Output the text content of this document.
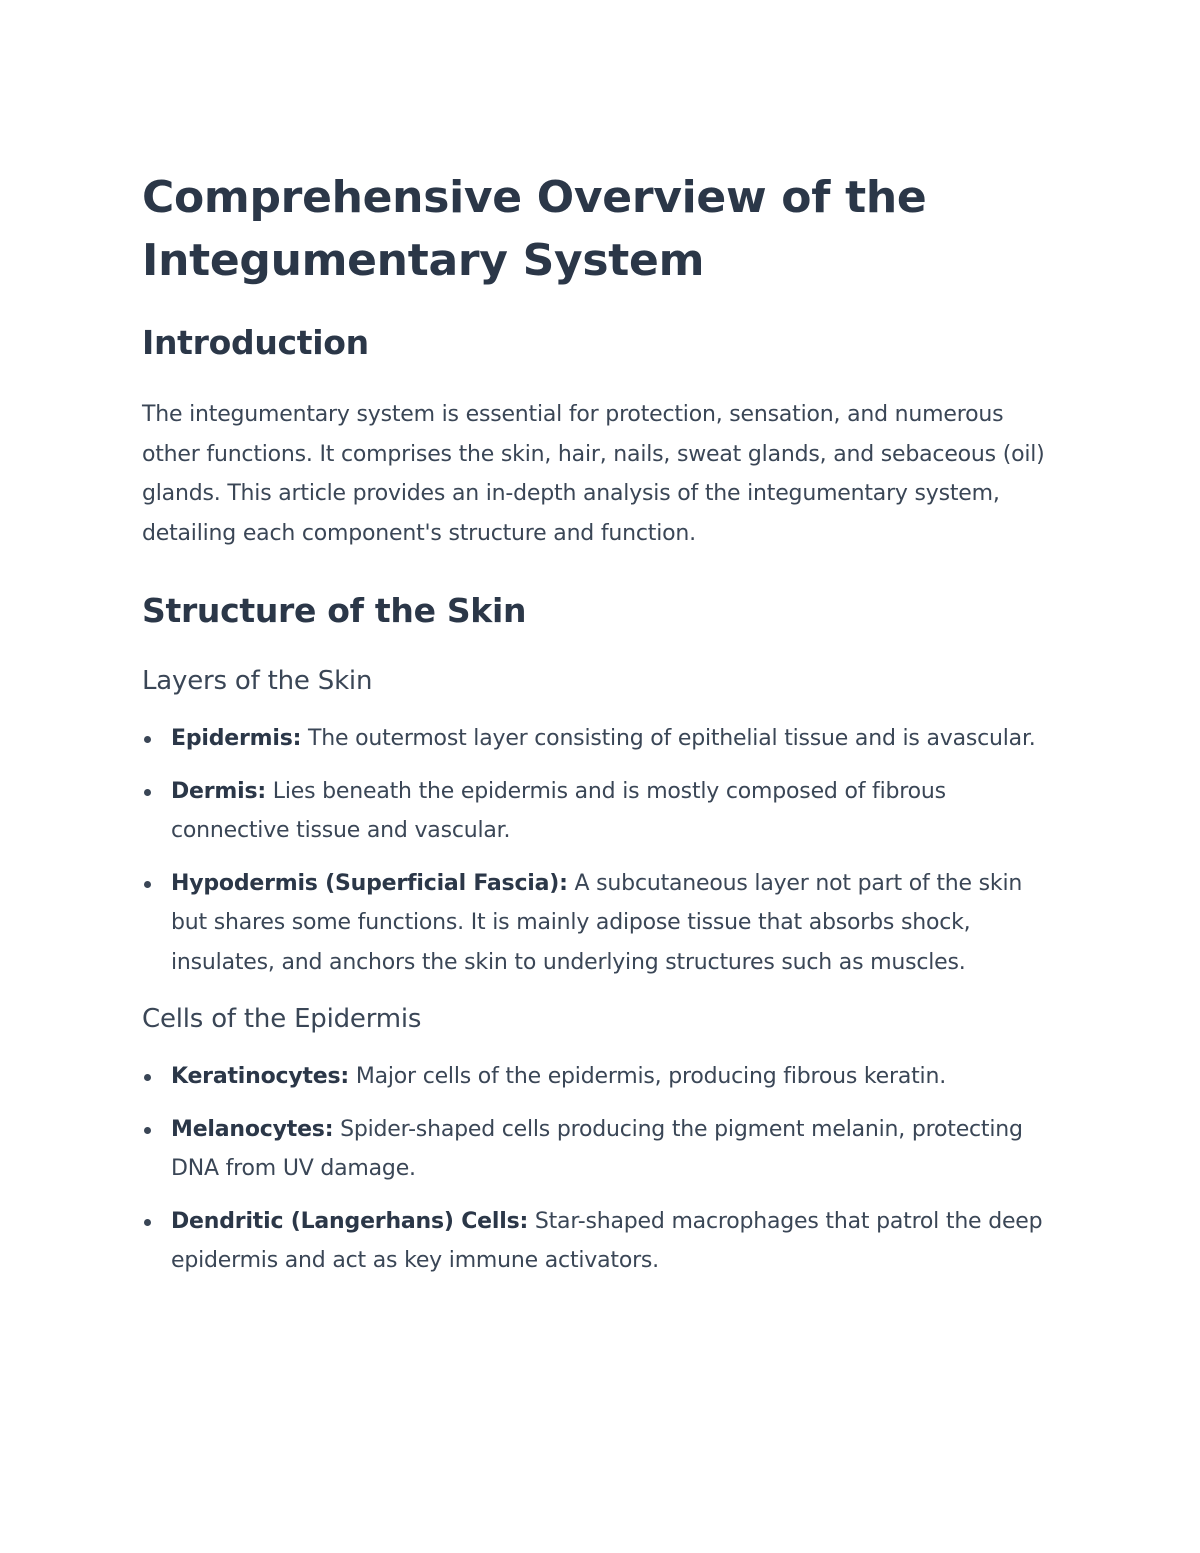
Comprehensive Overview of the Integumentary System
Introduction

The integumentary system is essential for protection, sensation, and numerous other functions. It comprises the skin, hair, nails, sweat glands, and sebaceous (oil) glands. This article provides an in-depth analysis of the integumentary system, detailing each component's structure and function.

Structure of the Skin
Layers of the Skin
Epidermis: The outermost layer consisting of epithelial tissue and is avascular.
Dermis: Lies beneath the epidermis and is mostly composed of fibrous connective tissue and vascular.
Hypodermis (Superficial Fascia): A subcutaneous layer not part of the skin but shares some functions. It is mainly adipose tissue that absorbs shock, insulates, and anchors the skin to underlying structures such as muscles.
Cells of the Epidermis
Keratinocytes: Major cells of the epidermis, producing fibrous keratin.
Melanocytes: Spider-shaped cells producing the pigment melanin, protecting DNA from UV damage.
Dendritic (Langerhans) Cells: Star-shaped macrophages that patrol the deep epidermis and act as key immune activators.
